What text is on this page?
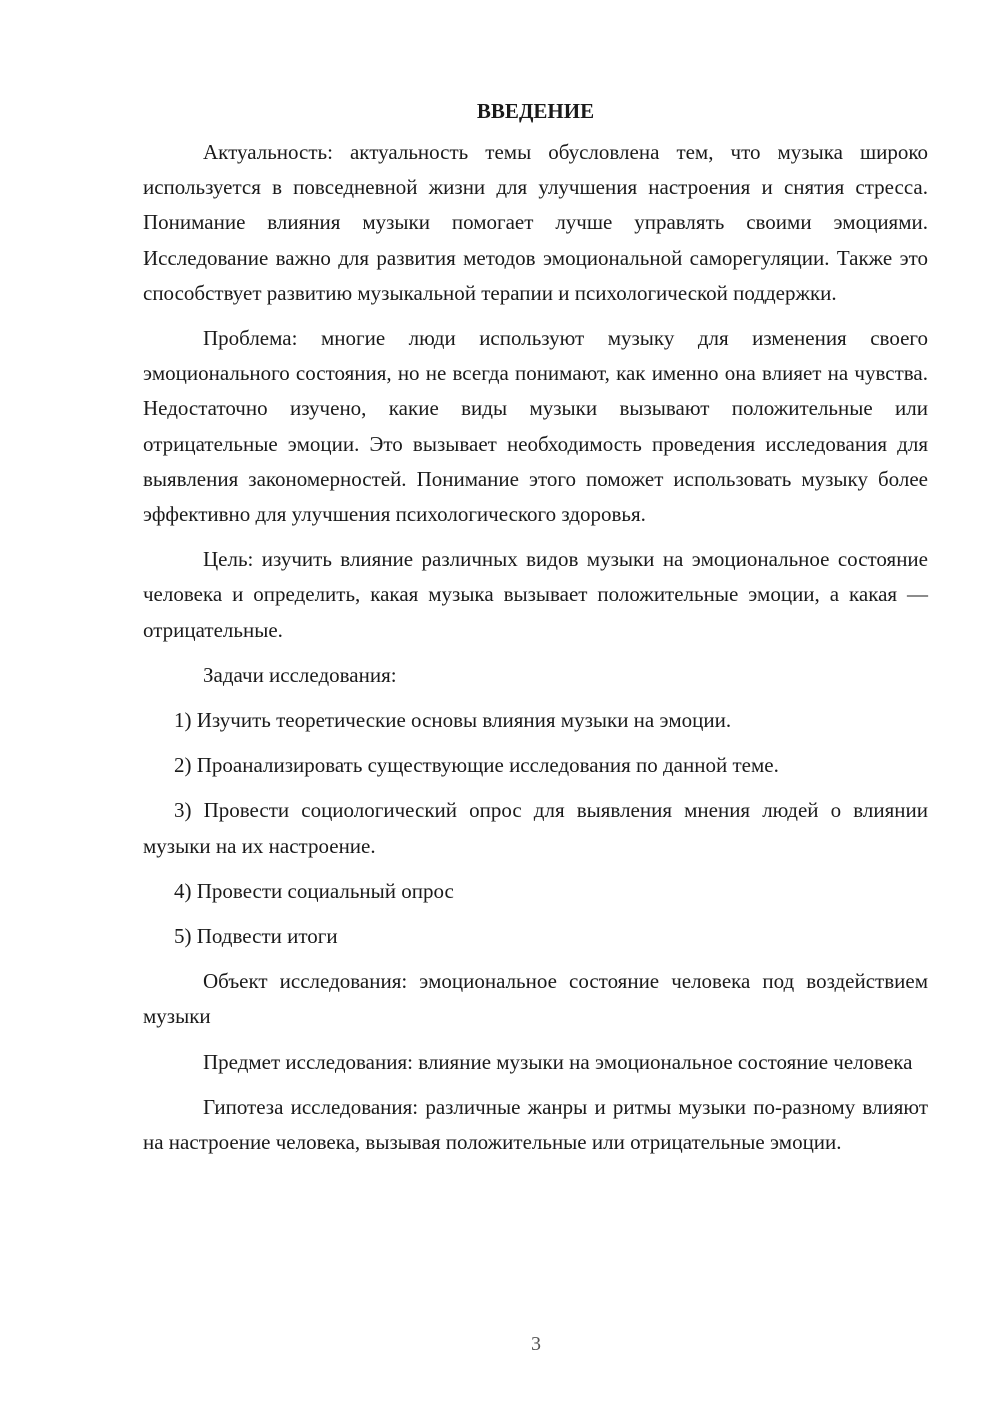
ВВЕДЕНИЕ

Актуальность: актуальность темы обусловлена тем, что музыка широко используется в повседневной жизни для улучшения настроения и снятия стресса. Понимание влияния музыки помогает лучше управлять своими эмоциями. Исследование важно для развития методов эмоциональной саморегуляции. Также это способствует развитию музыкальной терапии и психологической поддержки.

Проблема: многие люди используют музыку для изменения своего эмоционального состояния, но не всегда понимают, как именно она влияет на чувства. Недостаточно изучено, какие виды музыки вызывают положительные или отрицательные эмоции. Это вызывает необходимость проведения исследования для выявления закономерностей. Понимание этого поможет использовать музыку более эффективно для улучшения психологического здоровья.

Цель: изучить влияние различных видов музыки на эмоциональное состояние человека и определить, какая музыка вызывает положительные эмоции, а какая — отрицательные.

Задачи исследования:

1) Изучить теоретические основы влияния музыки на эмоции.

2) Проанализировать существующие исследования по данной теме.

3) Провести социологический опрос для выявления мнения людей о влиянии музыки на их настроение.

4) Провести социальный опрос

5) Подвести итоги

Объект исследования: эмоциональное состояние человека под воздействием музыки

Предмет исследования: влияние музыки на эмоциональное состояние человека

Гипотеза исследования: различные жанры и ритмы музыки по-разному влияют на настроение человека, вызывая положительные или отрицательные эмоции.

3
